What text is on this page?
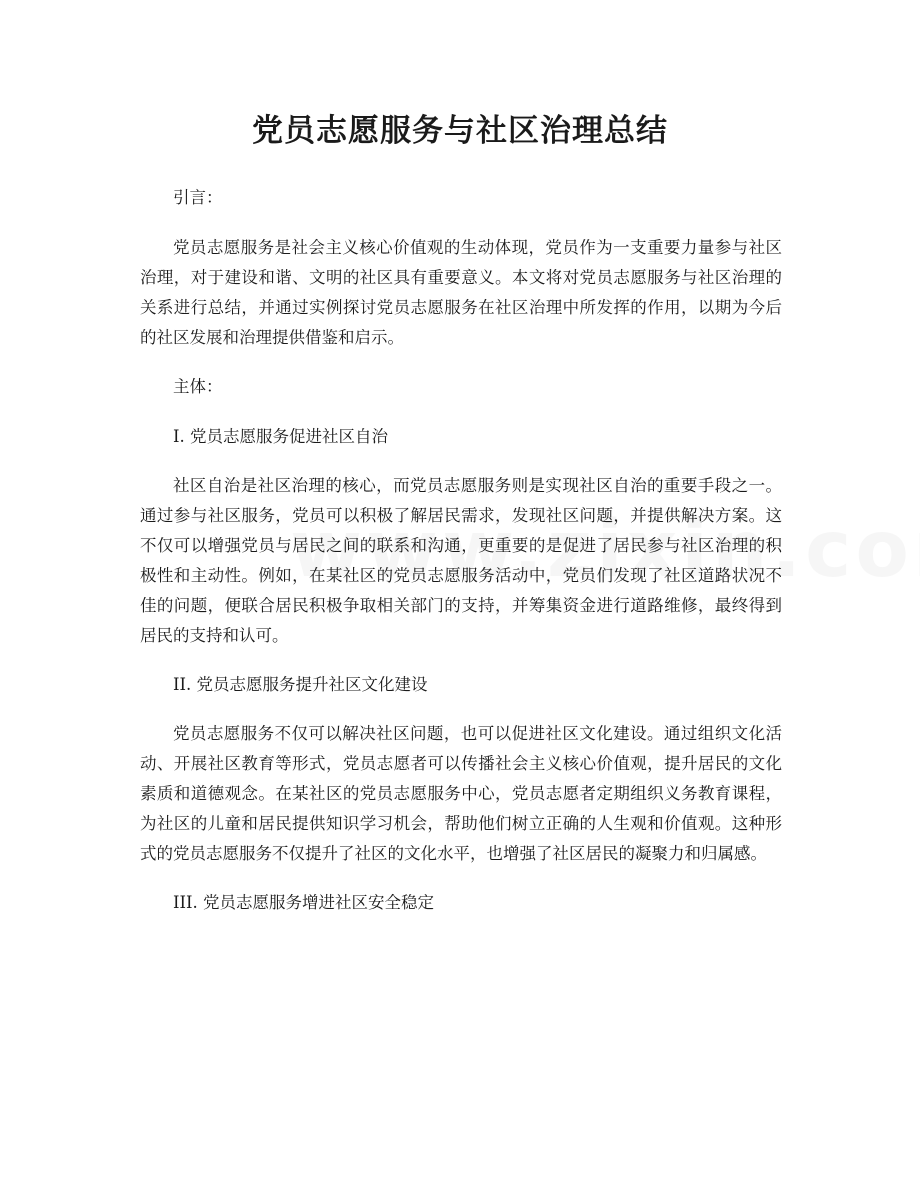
党员志愿服务与社区治理总结

引言：

党员志愿服务是社会主义核心价值观的生动体现，党员作为一支重要力量参与社区治理，对于建设和谐、文明的社区具有重要意义。本文将对党员志愿服务与社区治理的关系进行总结，并通过实例探讨党员志愿服务在社区治理中所发挥的作用，以期为今后的社区发展和治理提供借鉴和启示。

主体：

I. 党员志愿服务促进社区自治

社区自治是社区治理的核心，而党员志愿服务则是实现社区自治的重要手段之一。通过参与社区服务，党员可以积极了解居民需求，发现社区问题，并提供解决方案。这不仅可以增强党员与居民之间的联系和沟通，更重要的是促进了居民参与社区治理的积极性和主动性。例如，在某社区的党员志愿服务活动中，党员们发现了社区道路状况不佳的问题，便联合居民积极争取相关部门的支持，并筹集资金进行道路维修，最终得到居民的支持和认可。

II. 党员志愿服务提升社区文化建设

党员志愿服务不仅可以解决社区问题，也可以促进社区文化建设。通过组织文化活动、开展社区教育等形式，党员志愿者可以传播社会主义核心价值观，提升居民的文化素质和道德观念。在某社区的党员志愿服务中心，党员志愿者定期组织义务教育课程，为社区的儿童和居民提供知识学习机会，帮助他们树立正确的人生观和价值观。这种形式的党员志愿服务不仅提升了社区的文化水平，也增强了社区居民的凝聚力和归属感。

III. 党员志愿服务增进社区安全稳定
